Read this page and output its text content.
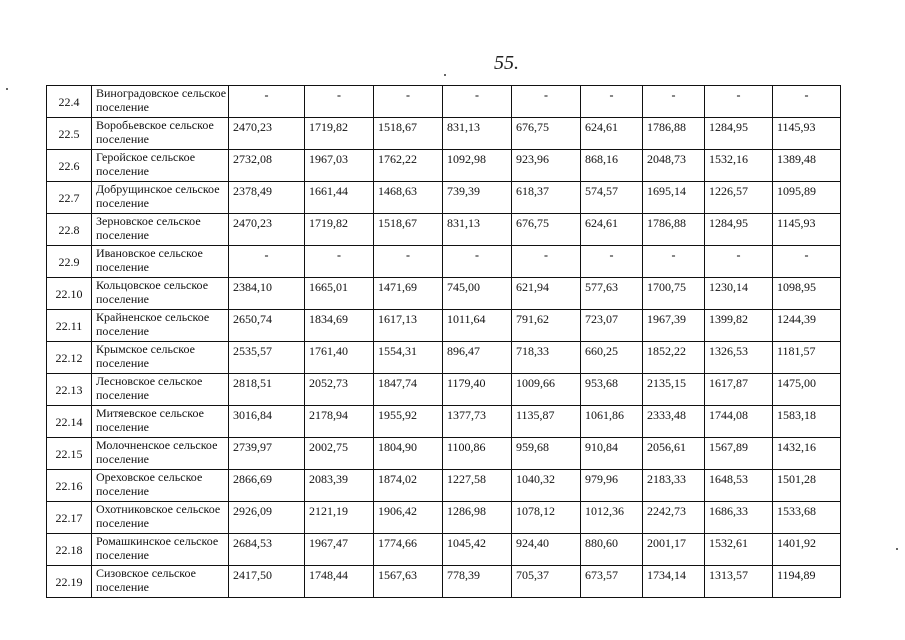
55.
22.4	Виноградовское сельское поселение	-	-	-	-	-	-	-	-	-
22.5	Воробьевское сельское поселение	2470,23	1719,82	1518,67	831,13	676,75	624,61	1786,88	1284,95	1145,93
22.6	Геройское сельское поселение	2732,08	1967,03	1762,22	1092,98	923,96	868,16	2048,73	1532,16	1389,48
22.7	Добрущинское сельское поселение	2378,49	1661,44	1468,63	739,39	618,37	574,57	1695,14	1226,57	1095,89
22.8	Зерновское сельское поселение	2470,23	1719,82	1518,67	831,13	676,75	624,61	1786,88	1284,95	1145,93
22.9	Ивановское сельское поселение	-	-	-	-	-	-	-	-	-
22.10	Кольцовское сельское поселение	2384,10	1665,01	1471,69	745,00	621,94	577,63	1700,75	1230,14	1098,95
22.11	Крайненское сельское поселение	2650,74	1834,69	1617,13	1011,64	791,62	723,07	1967,39	1399,82	1244,39
22.12	Крымское сельское поселение	2535,57	1761,40	1554,31	896,47	718,33	660,25	1852,22	1326,53	1181,57
22.13	Лесновское сельское поселение	2818,51	2052,73	1847,74	1179,40	1009,66	953,68	2135,15	1617,87	1475,00
22.14	Митяевское сельское поселение	3016,84	2178,94	1955,92	1377,73	1135,87	1061,86	2333,48	1744,08	1583,18
22.15	Молочненское сельское поселение	2739,97	2002,75	1804,90	1100,86	959,68	910,84	2056,61	1567,89	1432,16
22.16	Ореховское сельское поселение	2866,69	2083,39	1874,02	1227,58	1040,32	979,96	2183,33	1648,53	1501,28
22.17	Охотниковское сельское поселение	2926,09	2121,19	1906,42	1286,98	1078,12	1012,36	2242,73	1686,33	1533,68
22.18	Ромашкинское сельское поселение	2684,53	1967,47	1774,66	1045,42	924,40	880,60	2001,17	1532,61	1401,92
22.19	Сизовское сельское поселение	2417,50	1748,44	1567,63	778,39	705,37	673,57	1734,14	1313,57	1194,89
